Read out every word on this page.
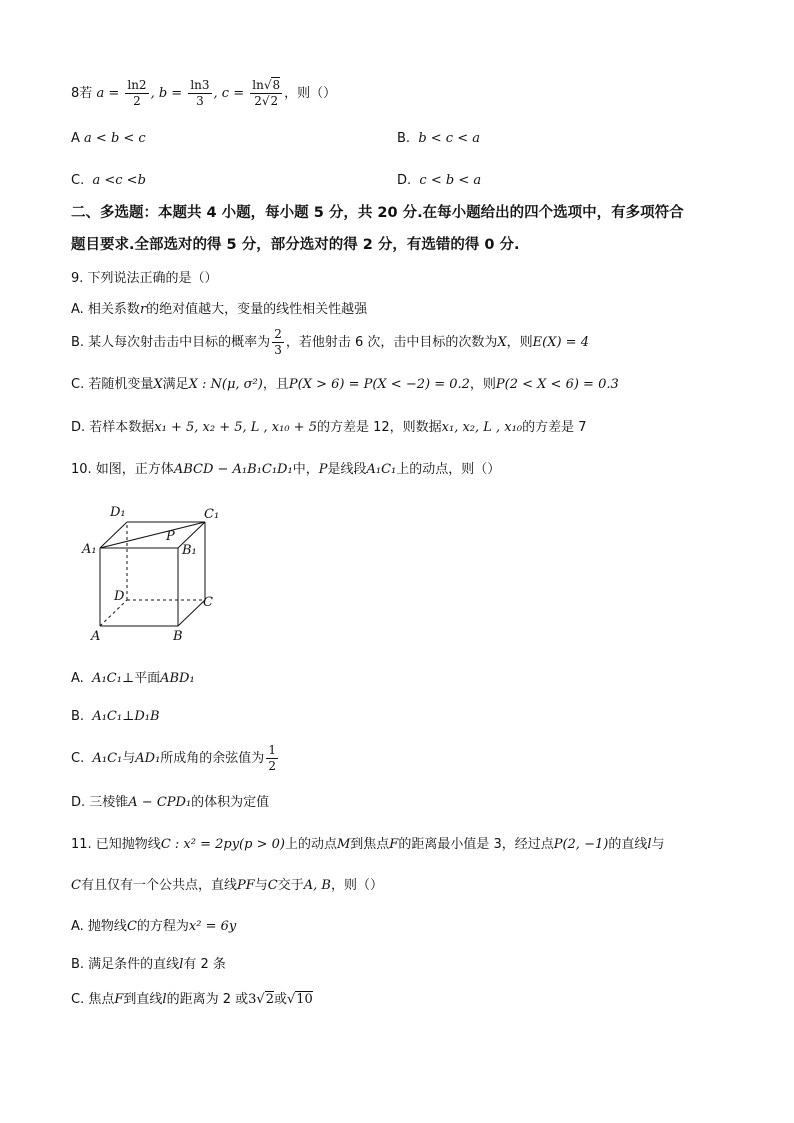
8若 $a = \frac{\ln 2}{2}$ , $b = \frac{\ln 3}{3}$ , $c = \frac{\ln√8}{2√2}$ ，则（）
A a < b < c	B. b < c < a
C. a <c <b	D. c < b < a
二、多选题：本题共 4 小题，每小题 5 分，共 20 分.在每小题给出的四个选项中，有多项符合
题目要求.全部选对的得 5 分，部分选对的得 2 分，有选错的得 0 分.
9. 下列说法正确的是（）
A. 相关系数r的绝对值越大，变量的线性相关性越强
B. 某人每次射击击中目标的概率为 $\frac{2}{3}$ ，若他射击 6 次，击中目标的次数为X，则E(X) = 4
C. 若随机变量X满足X : N(μ, σ²)，且P(X > 6) = P(X < −2) = 0.2，则P(2 < X < 6) = 0.3
D. 若样本数据x₁ + 5, x₂ + 5, L , x₁₀ + 5的方差是 12，则数据x₁, x₂, L , x₁₀的方差是 7
10. 如图，正方体ABCD − A₁B₁C₁D₁中，P是线段A₁C₁上的动点，则（）
D₁	C₁
A₁
P
B₁
D	C
A	B
A. A₁C₁⊥平面ABD₁
B. A₁C₁⊥D₁B
C. A₁C₁与AD₁所成角的余弦值为 $\frac{1}{2}$
D. 三棱锥A − CPD₁的体积为定值
11. 已知抛物线C : x² = 2py(p > 0)上的动点M到焦点F的距离最小值是 3，经过点P(2, −1)的直线l与
C有且仅有一个公共点，直线PF与C交于A, B，则（）
A. 抛物线C的方程为x² = 6y
B. 满足条件的直线l有 2 条
C. 焦点F到直线l的距离为 2 或3√2或√10
